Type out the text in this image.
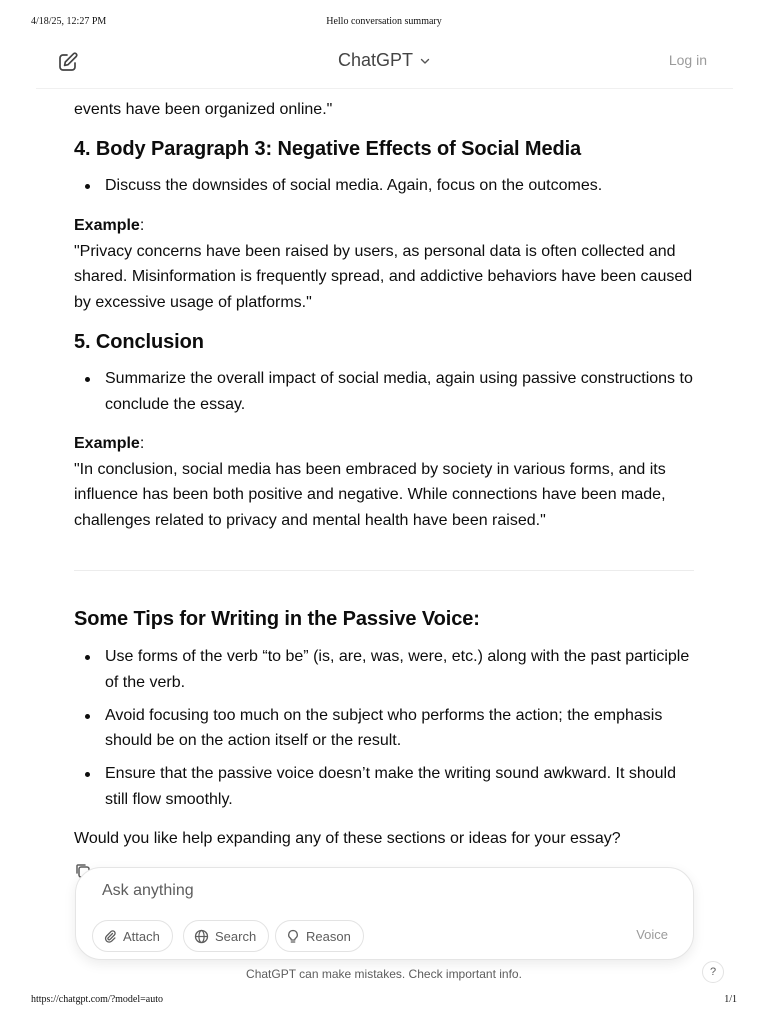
4/18/25, 12:27 PM	Hello conversation summary

events have been organized online."

4. Body Paragraph 3: Negative Effects of Social Media
Discuss the downsides of social media. Again, focus on the outcomes.

Example:
"Privacy concerns have been raised by users, as personal data is often collected and shared. Misinformation is frequently spread, and addictive behaviors have been caused by excessive usage of platforms."

5. Conclusion
Summarize the overall impact of social media, again using passive constructions to conclude the essay.

Example:
"In conclusion, social media has been embraced by society in various forms, and its influence has been both positive and negative. While connections have been made, challenges related to privacy and mental health have been raised."

Some Tips for Writing in the Passive Voice:
Use forms of the verb “to be” (is, are, was, were, etc.) along with the past participle of the verb.
Avoid focusing too much on the subject who performs the action; the emphasis should be on the action itself or the result.
Ensure that the passive voice doesn’t make the writing sound awkward. It should still flow smoothly.

Would you like help expanding any of these sections or ideas for your essay?

ChatGPT	Log in
Ask anything
Attach	Search	Reason	Voice
ChatGPT can make mistakes. Check important info.	?
https://chatgpt.com/?model=auto	1/1
